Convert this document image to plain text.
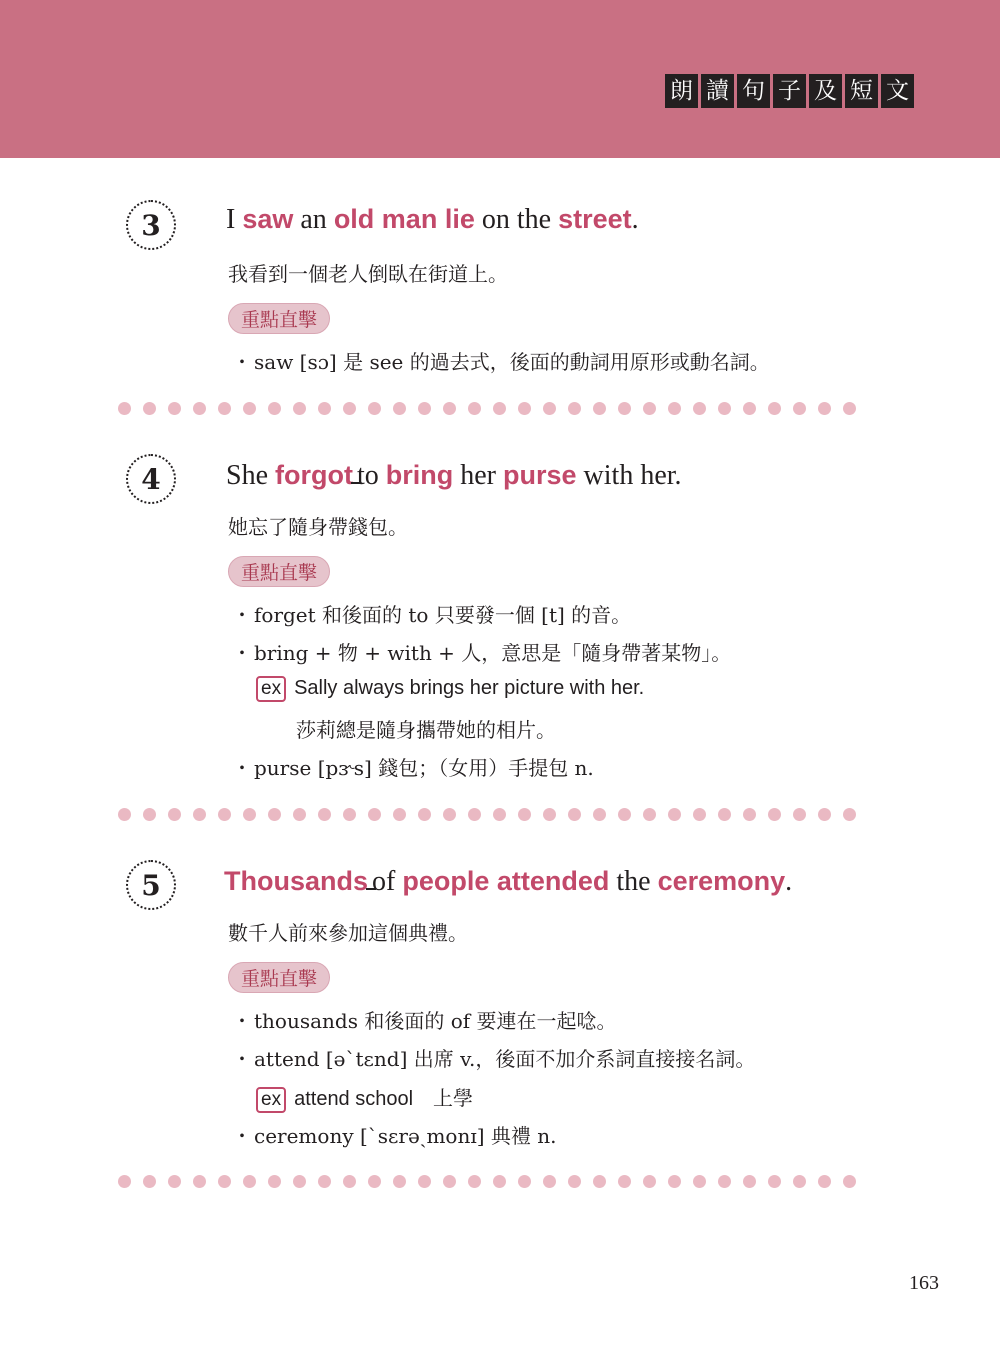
朗 讀 句 子 及 短 文
3	I saw an old man lie on the street.
我看到一個老人倒臥在街道上。
重點直擊
・ saw [sɔ] 是 see 的過去式，後面的動詞用原形或動名詞。
4	She forgot to bring her purse with her.
她忘了隨身帶錢包。
重點直擊
・ forget 和後面的 to 只要發一個 [t] 的音。
・ bring + 物 + with + 人，意思是「隨身帶著某物」。
ex Sally always brings her picture with her.
莎莉總是隨身攜帶她的相片。
・ purse [pɝs] 錢包；（女用）手提包 n.
5	Thousands of people attended the ceremony.
數千人前來參加這個典禮。
重點直擊
・ thousands 和後面的 of 要連在一起唸。
・ attend [əˋtɛnd] 出席 v.，後面不加介系詞直接接名詞。
ex attend school　上學
・ ceremony [ˋsɛrəˏmonɪ] 典禮 n.
163
